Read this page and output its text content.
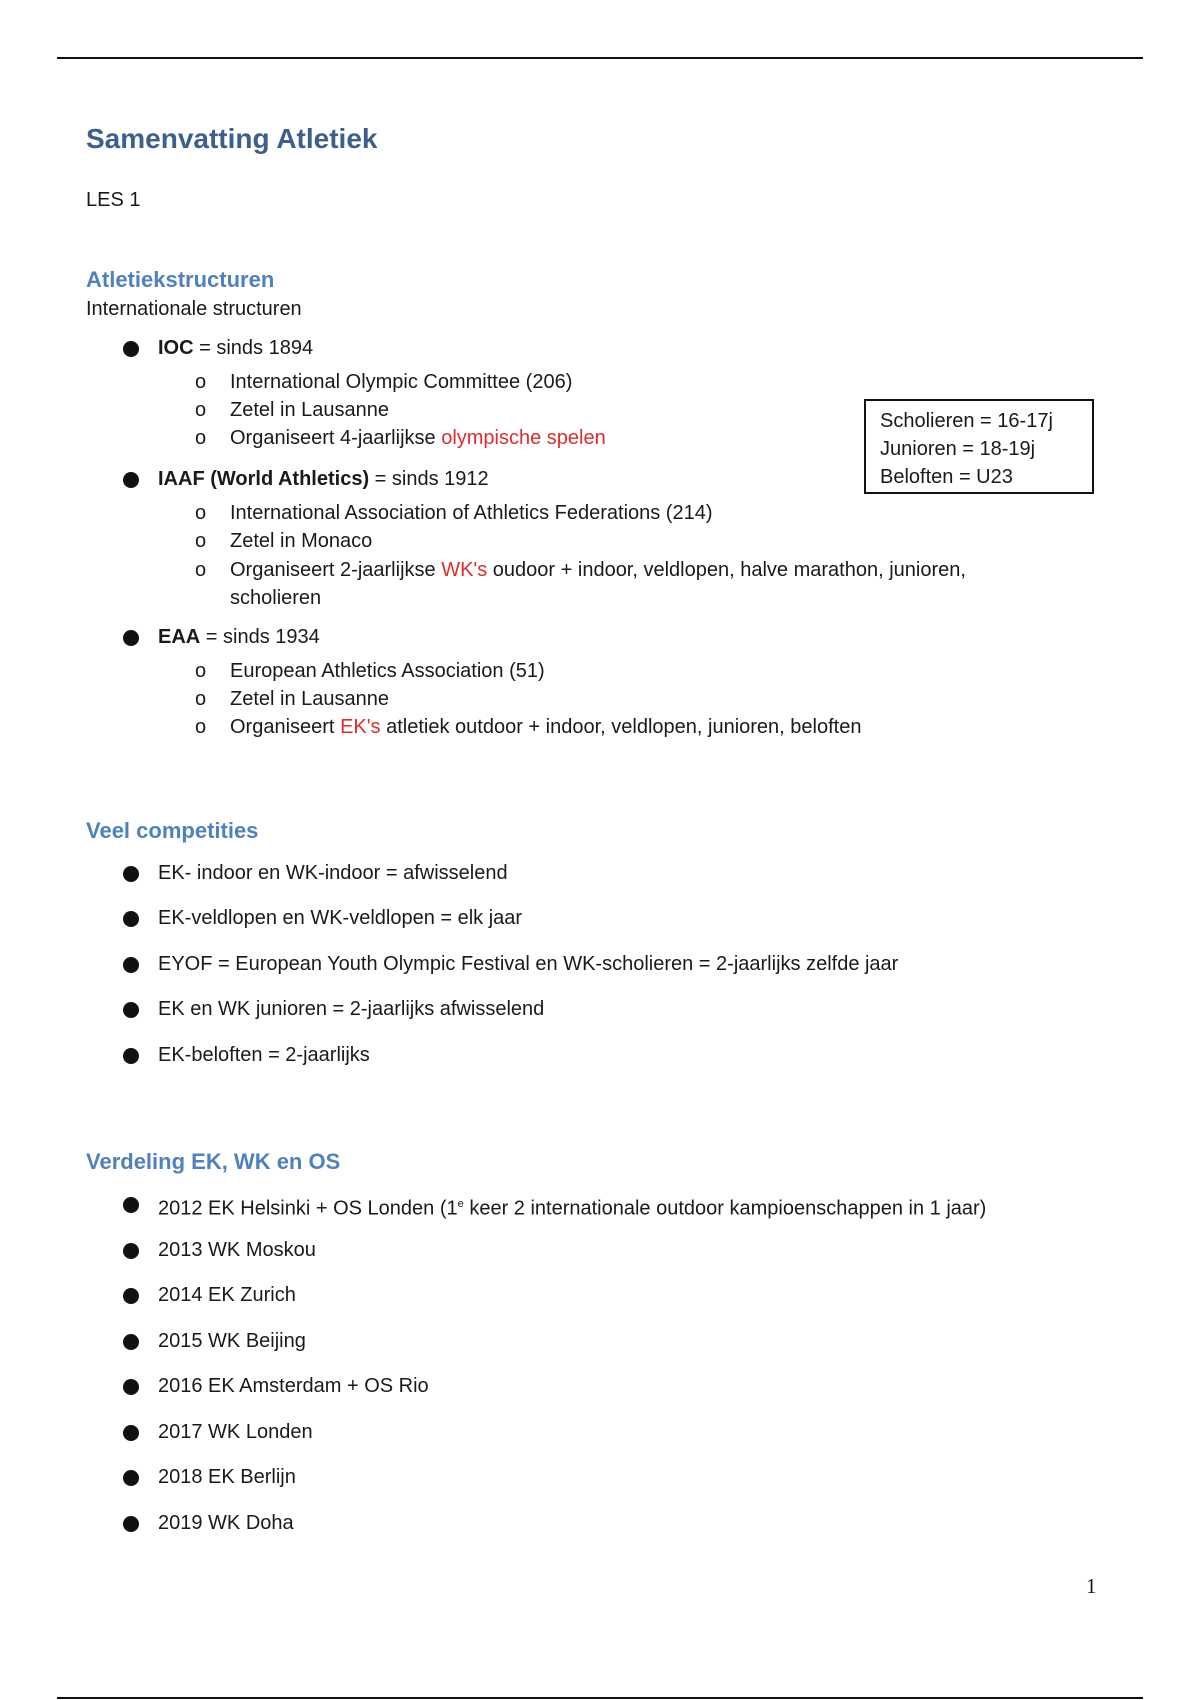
Samenvatting Atletiek
LES 1
Atletiekstructuren
Internationale structuren
IOC = sinds 1894
o International Olympic Committee (206)
o Zetel in Lausanne
o Organiseert 4-jaarlijkse olympische spelen
Scholieren = 16-17j
Junioren = 18-19j
Beloften = U23
IAAF (World Athletics) = sinds 1912
o International Association of Athletics Federations (214)
o Zetel in Monaco
o Organiseert 2-jaarlijkse WK's oudoor + indoor, veldlopen, halve marathon, junioren,
scholieren
EAA = sinds 1934
o European Athletics Association (51)
o Zetel in Lausanne
o Organiseert EK's atletiek outdoor + indoor, veldlopen, junioren, beloften
Veel competities
EK- indoor en WK-indoor = afwisselend
EK-veldlopen en WK-veldlopen = elk jaar
EYOF = European Youth Olympic Festival en WK-scholieren = 2-jaarlijks zelfde jaar
EK en WK junioren = 2-jaarlijks afwisselend
EK-beloften = 2-jaarlijks
Verdeling EK, WK en OS
2012 EK Helsinki + OS Londen (1e keer 2 internationale outdoor kampioenschappen in 1 jaar)
2013 WK Moskou
2014 EK Zurich
2015 WK Beijing
2016 EK Amsterdam + OS Rio
2017 WK Londen
2018 EK Berlijn
2019 WK Doha
1
